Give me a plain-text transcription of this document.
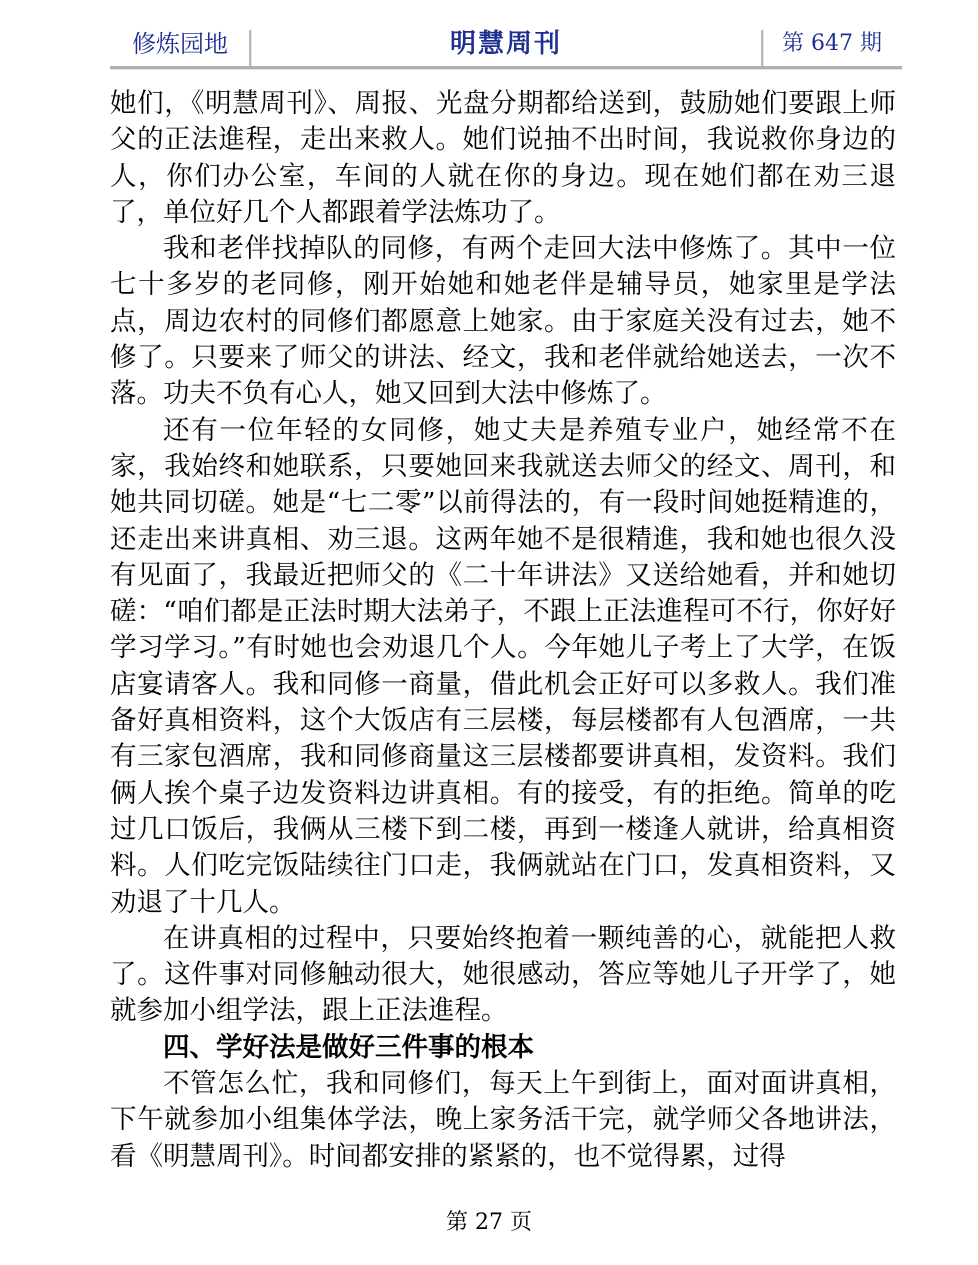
修炼园地	明慧周刊	第 647 期

她们，《明慧周刊》、周报、光盘分期都给送到，鼓励她们要跟上师父的正法進程，走出来救人。她们说抽不出时间，我说救你身边的人，你们办公室，车间的人就在你的身边。现在她们都在劝三退了，单位好几个人都跟着学法炼功了。

我和老伴找掉队的同修，有两个走回大法中修炼了。其中一位七十多岁的老同修，刚开始她和她老伴是辅导员，她家里是学法点，周边农村的同修们都愿意上她家。由于家庭关没有过去，她不修了。只要来了师父的讲法、经文，我和老伴就给她送去，一次不落。功夫不负有心人，她又回到大法中修炼了。

还有一位年轻的女同修，她丈夫是养殖专业户，她经常不在家，我始终和她联系，只要她回来我就送去师父的经文、周刊，和她共同切磋。她是“七二零”以前得法的，有一段时间她挺精進的，还走出来讲真相、劝三退。这两年她不是很精進，我和她也很久没有见面了，我最近把师父的《二十年讲法》又送给她看，并和她切磋：“咱们都是正法时期大法弟子，不跟上正法進程可不行，你好好学习学习。”有时她也会劝退几个人。今年她儿子考上了大学，在饭店宴请客人。我和同修一商量，借此机会正好可以多救人。我们准备好真相资料，这个大饭店有三层楼，每层楼都有人包酒席，一共有三家包酒席，我和同修商量这三层楼都要讲真相，发资料。我们俩人挨个桌子边发资料边讲真相。有的接受，有的拒绝。简单的吃过几口饭后，我俩从三楼下到二楼，再到一楼逢人就讲，给真相资料。人们吃完饭陆续往门口走，我俩就站在门口，发真相资料，又劝退了十几人。

在讲真相的过程中，只要始终抱着一颗纯善的心，就能把人救了。这件事对同修触动很大，她很感动，答应等她儿子开学了，她就参加小组学法，跟上正法進程。

四、学好法是做好三件事的根本

不管怎么忙，我和同修们，每天上午到街上，面对面讲真相，下午就参加小组集体学法，晚上家务活干完，就学师父各地讲法，看《明慧周刊》。时间都安排的紧紧的，也不觉得累，过得

第 27 页
